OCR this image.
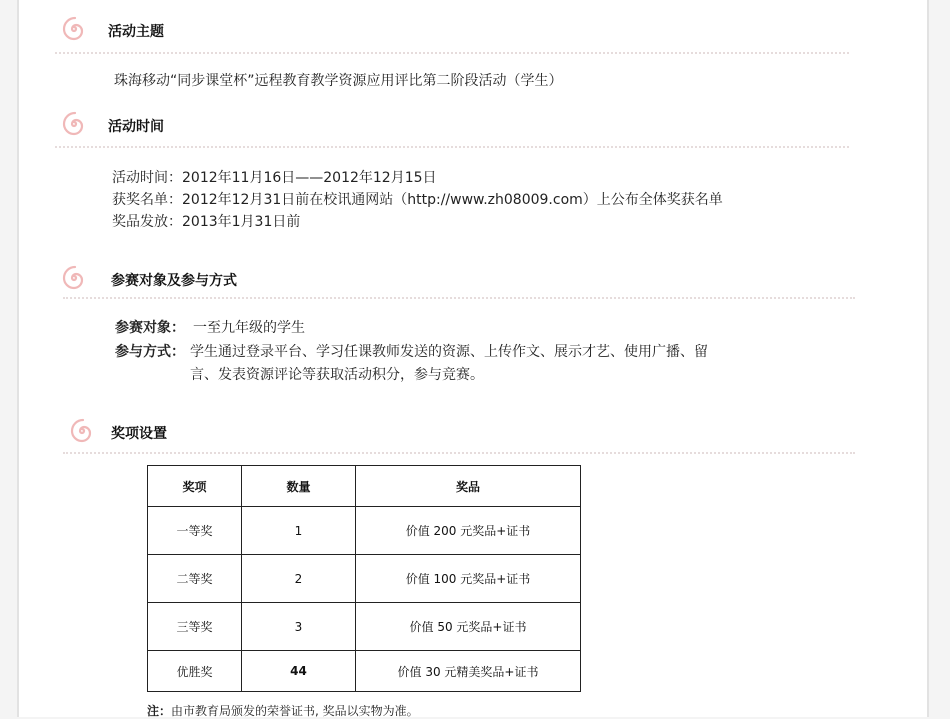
活动主题
珠海移动“同步课堂杯”远程教育教学资源应用评比第二阶段活动（学生）
活动时间
活动时间：2012年11月16日——2012年12月15日
获奖名单：2012年12月31日前在校讯通网站（http://www.zh08009.com）上公布全体奖获名单
奖品发放：2013年1月31日前
参赛对象及参与方式
参赛对象： 一至九年级的学生
参与方式： 学生通过登录平台、学习任课教师发送的资源、上传作文、展示才艺、使用广播、留
言、发表资源评论等获取活动积分，参与竞赛。
奖项设置
奖项	数量	奖品
一等奖	1	价值 200 元奖品+证书
二等奖	2	价值 100 元奖品+证书
三等奖	3	价值 50 元奖品+证书
优胜奖	44	价值 30 元精美奖品+证书
注：由市教育局颁发的荣誉证书, 奖品以实物为准。
